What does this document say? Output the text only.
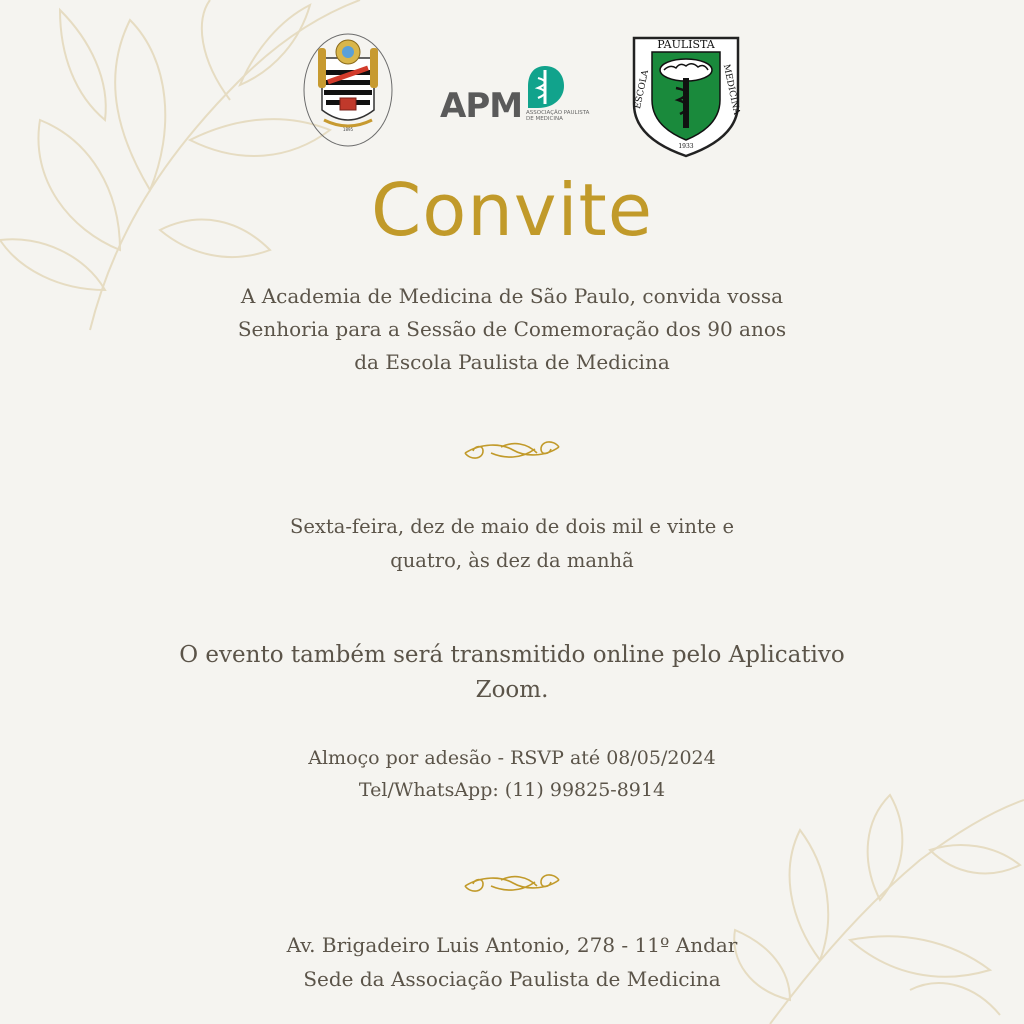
1895
APM ASSOCIAÇÃO PAULISTA DE MEDICINA
PAULISTA
ESCOLA	MEDICINA
1933
Convite
A Academia de Medicina de São Paulo, convida vossa
Senhoria para a Sessão de Comemoração dos 90 anos
da Escola Paulista de Medicina
Sexta-feira, dez de maio de dois mil e vinte e
quatro, às dez da manhã
O evento também será transmitido online pelo Aplicativo
Zoom.
Almoço por adesão - RSVP até 08/05/2024
Tel/WhatsApp: (11) 99825-8914
Av. Brigadeiro Luis Antonio, 278 - 11º Andar
Sede da Associação Paulista de Medicina
